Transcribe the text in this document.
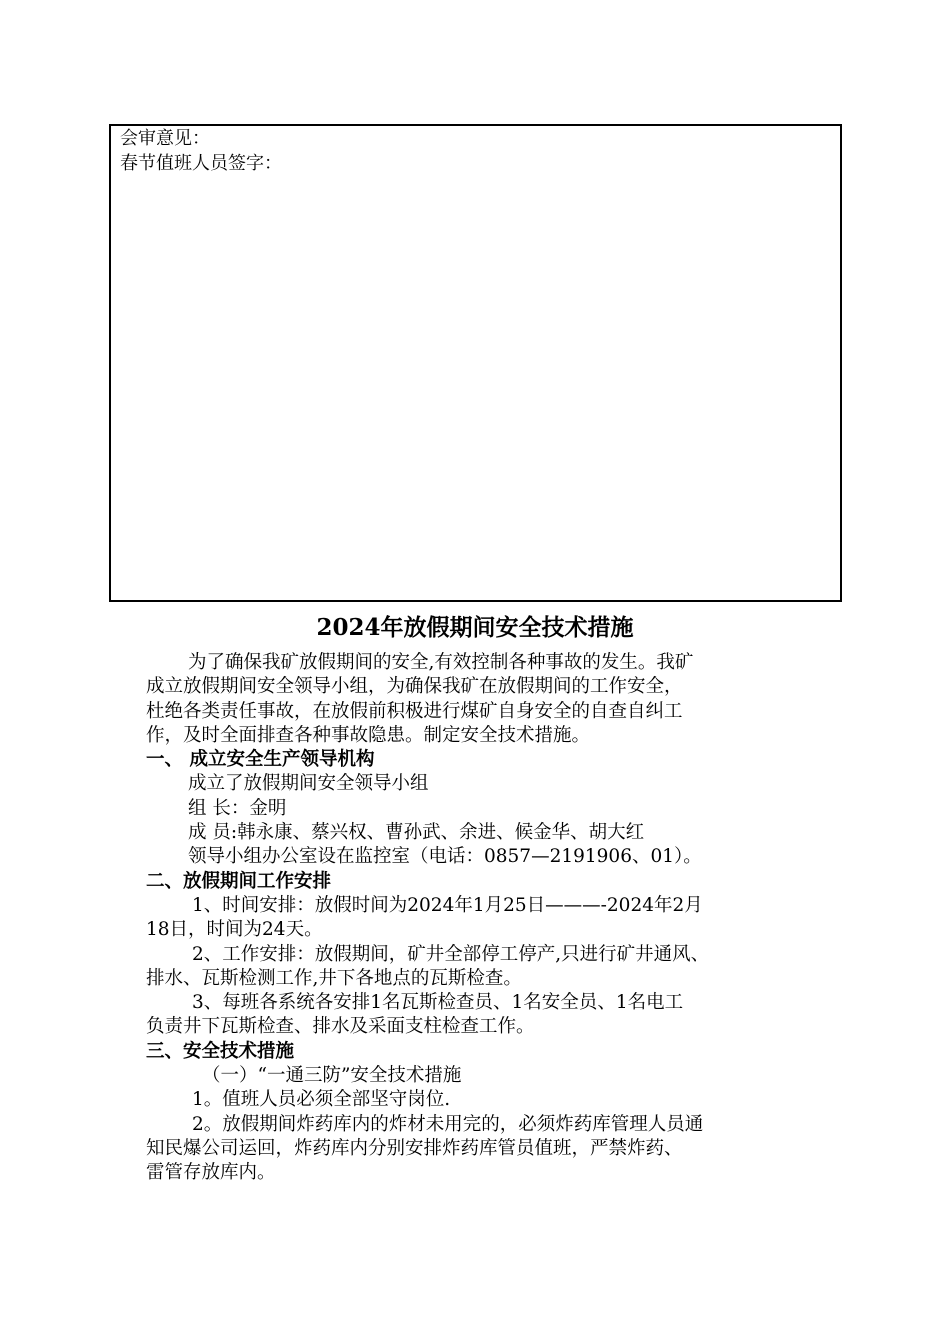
会审意见：
春节值班人员签字：
2024年放假期间安全技术措施
为了确保我矿放假期间的安全,有效控制各种事故的发生。我矿
成立放假期间安全领导小组，为确保我矿在放假期间的工作安全，
杜绝各类责任事故，在放假前积极进行煤矿自身安全的自查自纠工
作，及时全面排查各种事故隐患。制定安全技术措施。
一、 成立安全生产领导机构
成立了放假期间安全领导小组
组 长：金明
成 员:韩永康、蔡兴权、曹孙武、余进、候金华、胡大红
领导小组办公室设在监控室（电话：0857—2191906、01）。
二、放假期间工作安排
1、时间安排：放假时间为2024年1月25日———-2024年2月
18日，时间为24天。
2、工作安排：放假期间，矿井全部停工停产,只进行矿井通风、
排水、瓦斯检测工作,井下各地点的瓦斯检查。
3、每班各系统各安排1名瓦斯检查员、1名安全员、1名电工
负责井下瓦斯检查、排水及采面支柱检查工作。
三、安全技术措施
（一）“一通三防”安全技术措施
1。值班人员必须全部坚守岗位.
2。放假期间炸药库内的炸材未用完的，必须炸药库管理人员通
知民爆公司运回，炸药库内分别安排炸药库管员值班，严禁炸药、
雷管存放库内。
